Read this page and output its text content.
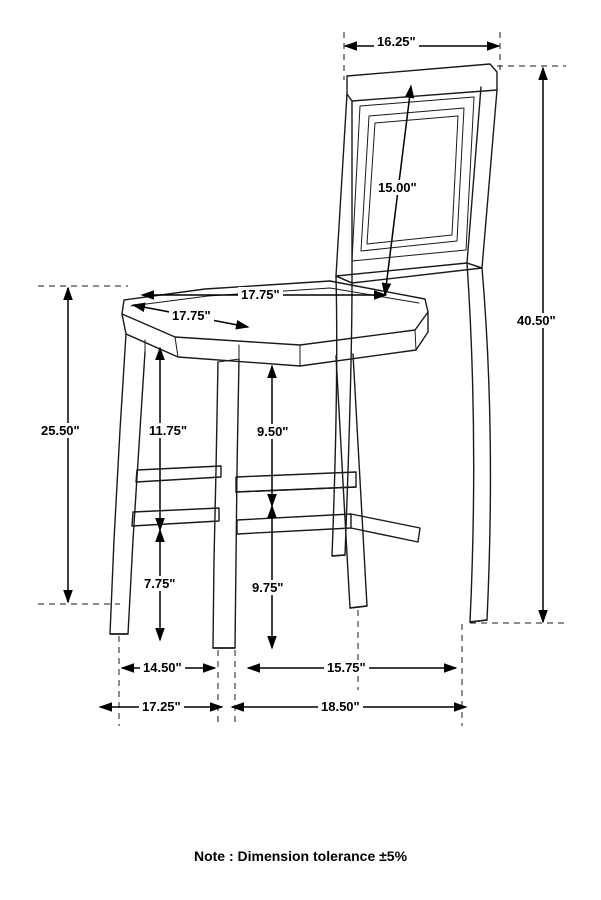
16.25"
15.00"
40.50"
17.75"
17.75"
25.50"	11.75"	9.50"
7.75"	9.75"
14.50"	15.75"
17.25"	18.50"
Note : Dimension tolerance ±5%
